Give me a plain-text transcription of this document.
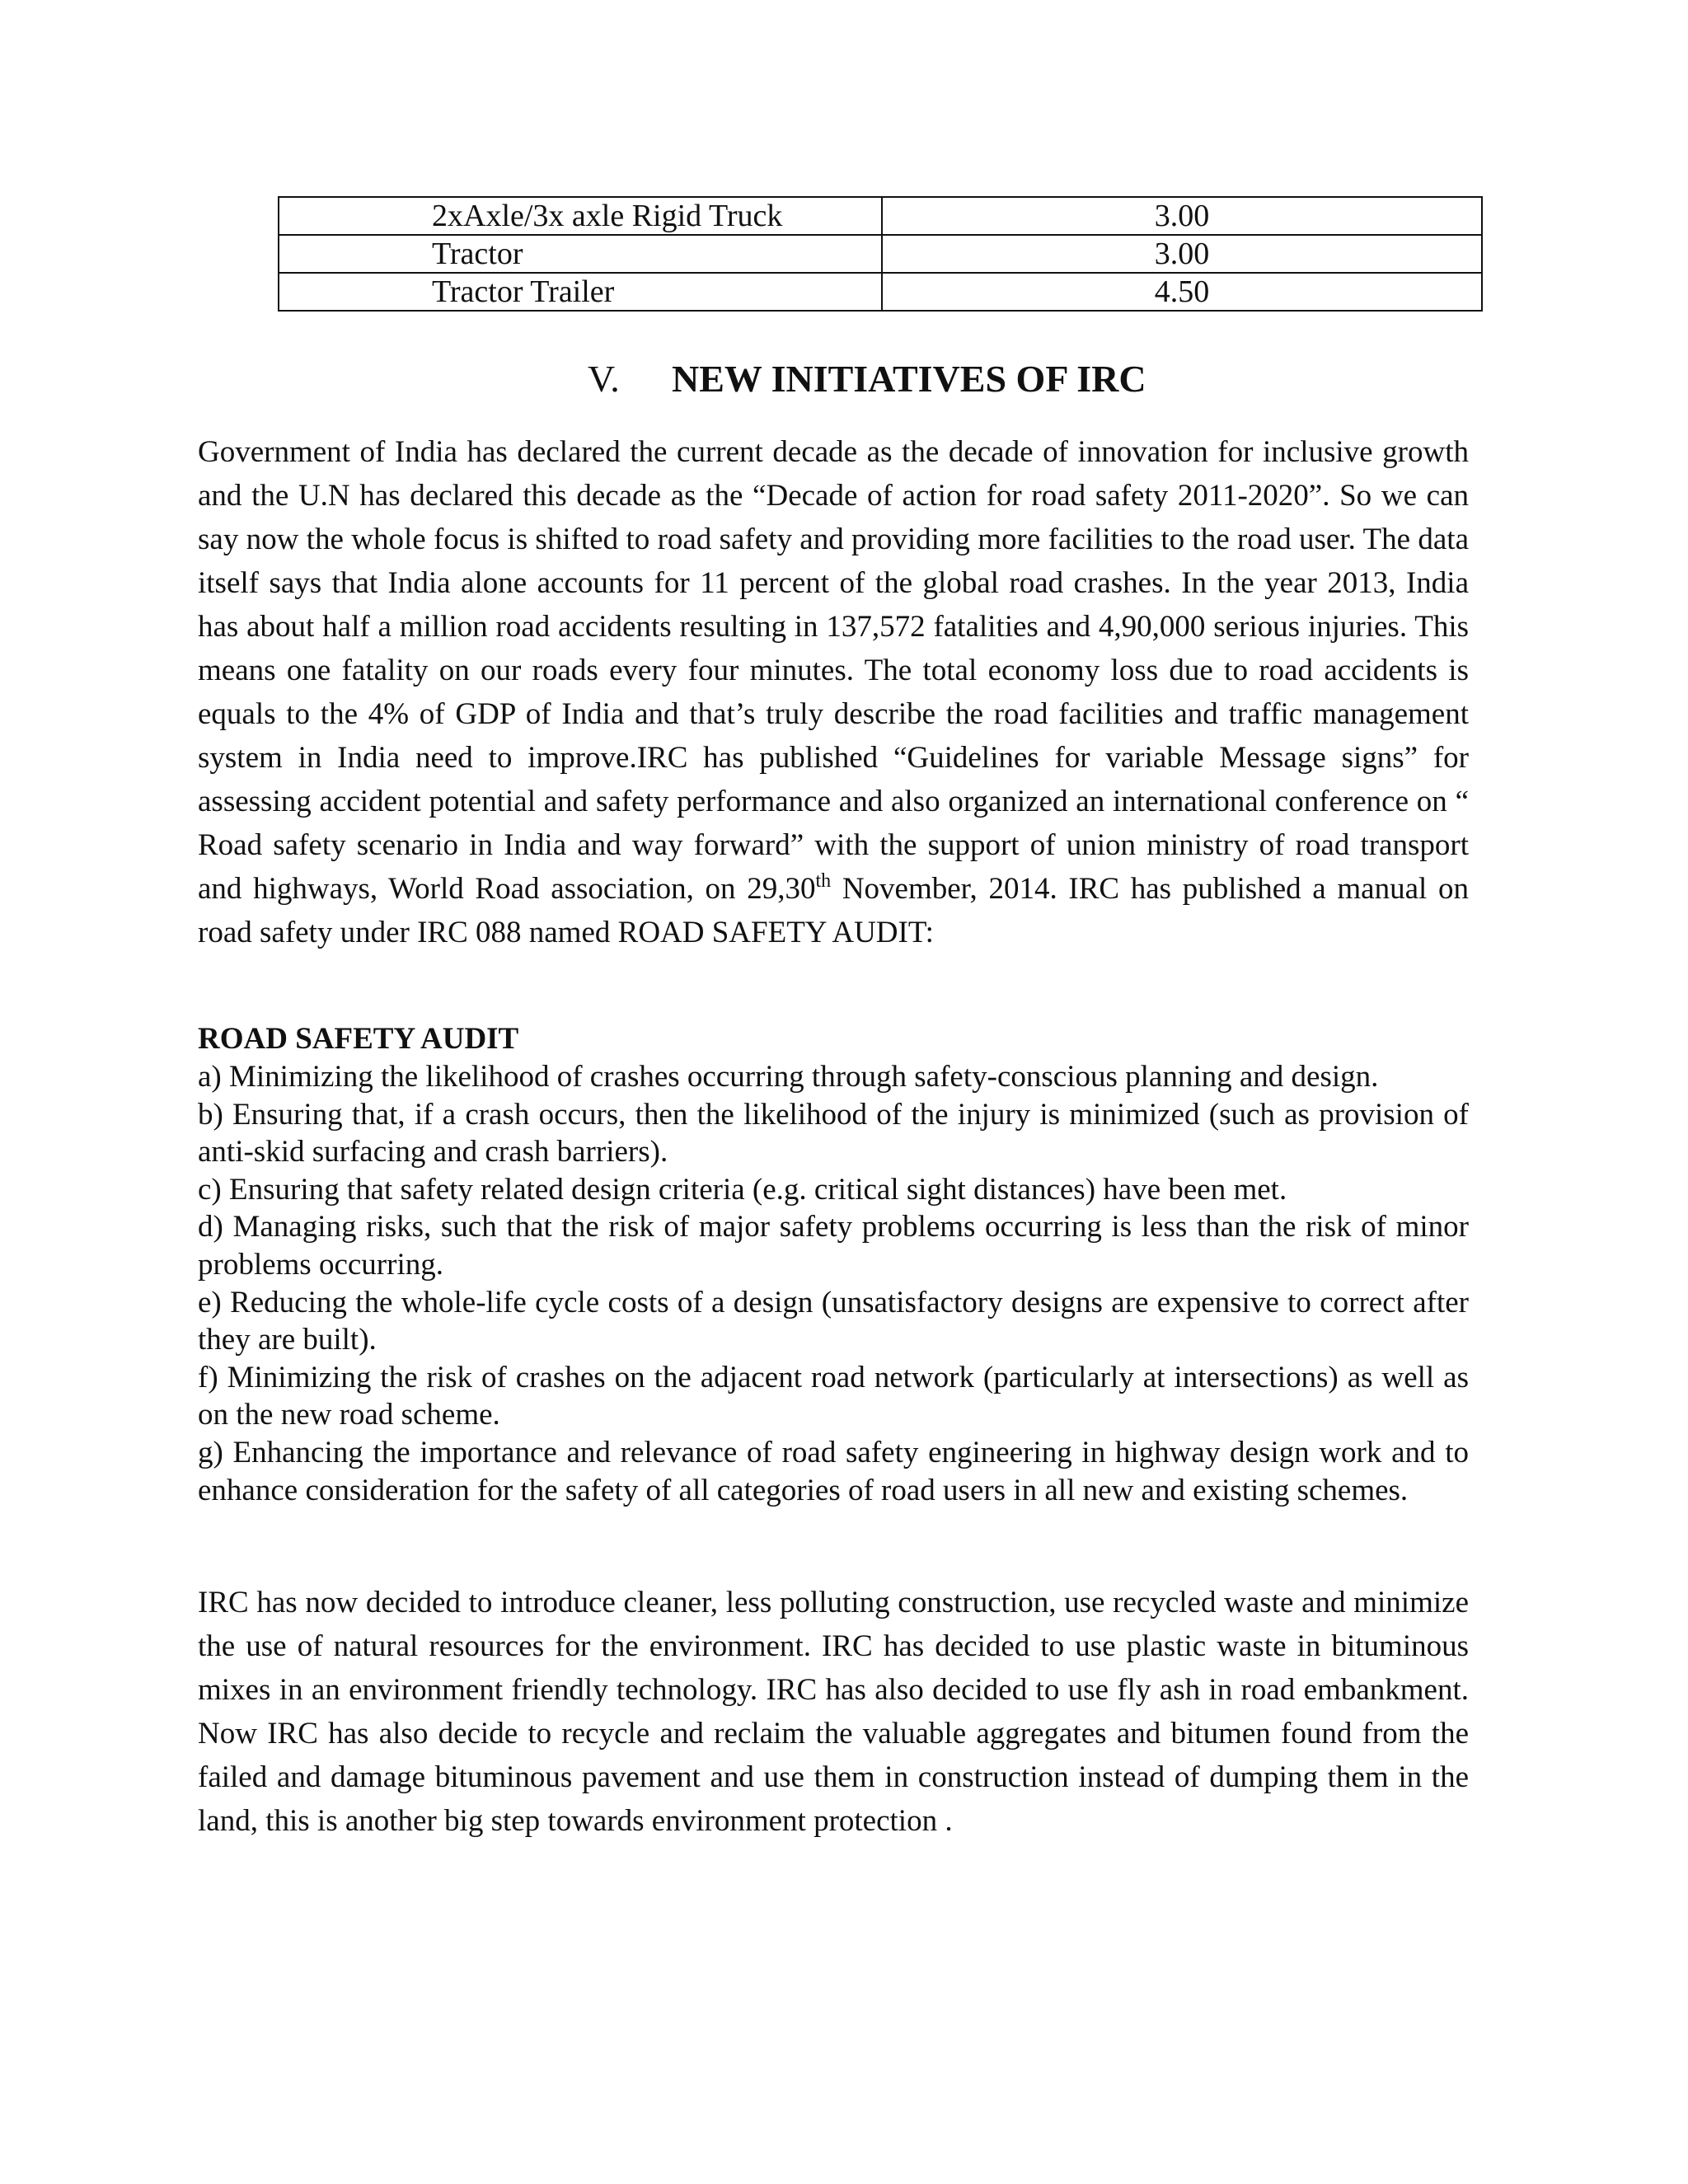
2xAxle/3x axle Rigid Truck	3.00
Tractor	3.00
Tractor Trailer	4.50
V. NEW INITIATIVES OF IRC

Government of India has declared the current decade as the decade of innovation for inclusive growth and the U.N has declared this decade as the “Decade of action for road safety 2011-2020”. So we can say now the whole focus is shifted to road safety and providing more facilities to the road user. The data itself says that India alone accounts for 11 percent of the global road crashes. In the year 2013, India has about half a million road accidents resulting in 137,572 fatalities and 4,90,000 serious injuries. This means one fatality on our roads every four minutes. The total economy loss due to road accidents is equals to the 4% of GDP of India and that’s truly describe the road facilities and traffic management system in India need to improve.IRC has published “Guidelines for variable Message signs” for assessing accident potential and safety performance and also organized an international conference on “ Road safety scenario in India and way forward” with the support of union ministry of road transport and highways, World Road association, on 29,30th November, 2014. IRC has published a manual on road safety under IRC 088 named ROAD SAFETY AUDIT:

ROAD SAFETY AUDIT
a) Minimizing the likelihood of crashes occurring through safety-conscious planning and design.
b) Ensuring that, if a crash occurs, then the likelihood of the injury is minimized (such as provision of anti-skid surfacing and crash barriers).
c) Ensuring that safety related design criteria (e.g. critical sight distances) have been met.
d) Managing risks, such that the risk of major safety problems occurring is less than the risk of minor problems occurring.
e) Reducing the whole-life cycle costs of a design (unsatisfactory designs are expensive to correct after they are built).
f) Minimizing the risk of crashes on the adjacent road network (particularly at intersections) as well as on the new road scheme.
g) Enhancing the importance and relevance of road safety engineering in highway design work and to enhance consideration for the safety of all categories of road users in all new and existing schemes.

IRC has now decided to introduce cleaner, less polluting construction, use recycled waste and minimize the use of natural resources for the environment. IRC has decided to use plastic waste in bituminous mixes in an environment friendly technology. IRC has also decided to use fly ash in road embankment. Now IRC has also decide to recycle and reclaim the valuable aggregates and bitumen found from the failed and damage bituminous pavement and use them in construction instead of dumping them in the land, this is another big step towards environment protection .
